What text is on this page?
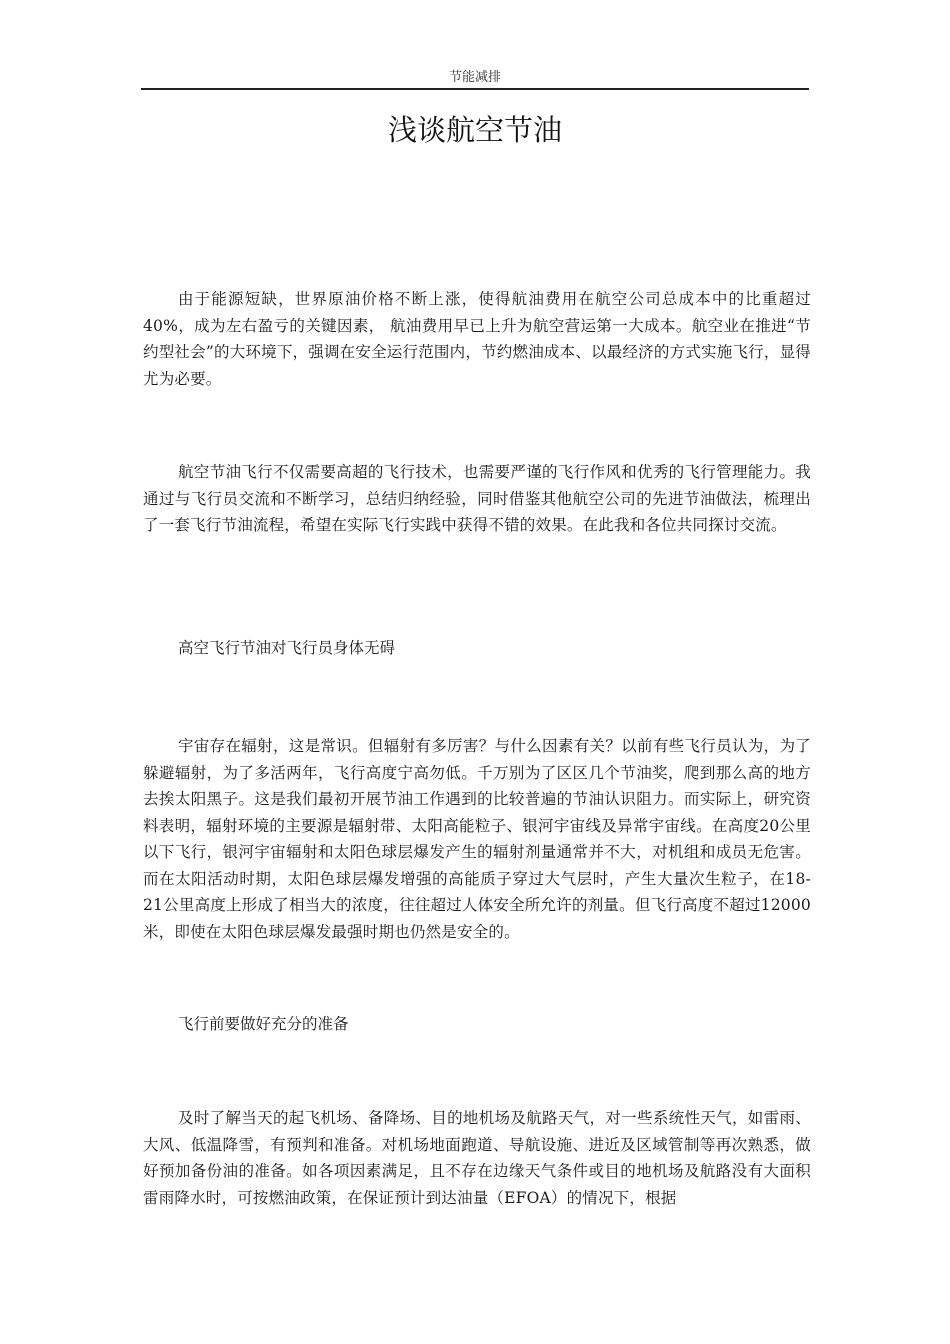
节能减排
浅谈航空节油

由于能源短缺，世界原油价格不断上涨，使得航油费用在航空公司总成本中的比重超过40%，成为左右盈亏的关键因素， 航油费用早已上升为航空营运第一大成本。航空业在推进“节约型社会”的大环境下，强调在安全运行范围内，节约燃油成本、以最经济的方式实施飞行，显得尤为必要。

航空节油飞行不仅需要高超的飞行技术，也需要严谨的飞行作风和优秀的飞行管理能力。我通过与飞行员交流和不断学习，总结归纳经验，同时借鉴其他航空公司的先进节油做法，梳理出了一套飞行节油流程，希望在实际飞行实践中获得不错的效果。在此我和各位共同探讨交流。

高空飞行节油对飞行员身体无碍

宇宙存在辐射，这是常识。但辐射有多厉害？与什么因素有关？以前有些飞行员认为，为了躲避辐射，为了多活两年，飞行高度宁高勿低。千万别为了区区几个节油奖，爬到那么高的地方去挨太阳黑子。这是我们最初开展节油工作遇到的比较普遍的节油认识阻力。而实际上，研究资料表明，辐射环境的主要源是辐射带、太阳高能粒子、银河宇宙线及异常宇宙线。在高度20公里以下飞行，银河宇宙辐射和太阳色球层爆发产生的辐射剂量通常并不大，对机组和成员无危害。而在太阳活动时期，太阳色球层爆发增强的高能质子穿过大气层时，产生大量次生粒子，在18-21公里高度上形成了相当大的浓度，往往超过人体安全所允许的剂量。但飞行高度不超过12000米，即使在太阳色球层爆发最强时期也仍然是安全的。

飞行前要做好充分的准备

及时了解当天的起飞机场、备降场、目的地机场及航路天气，对一些系统性天气，如雷雨、大风、低温降雪，有预判和准备。对机场地面跑道、导航设施、进近及区域管制等再次熟悉，做好预加备份油的准备。如各项因素满足，且不存在边缘天气条件或目的地机场及航路没有大面积雷雨降水时，可按燃油政策，在保证预计到达油量（EFOA）的情况下，根据
